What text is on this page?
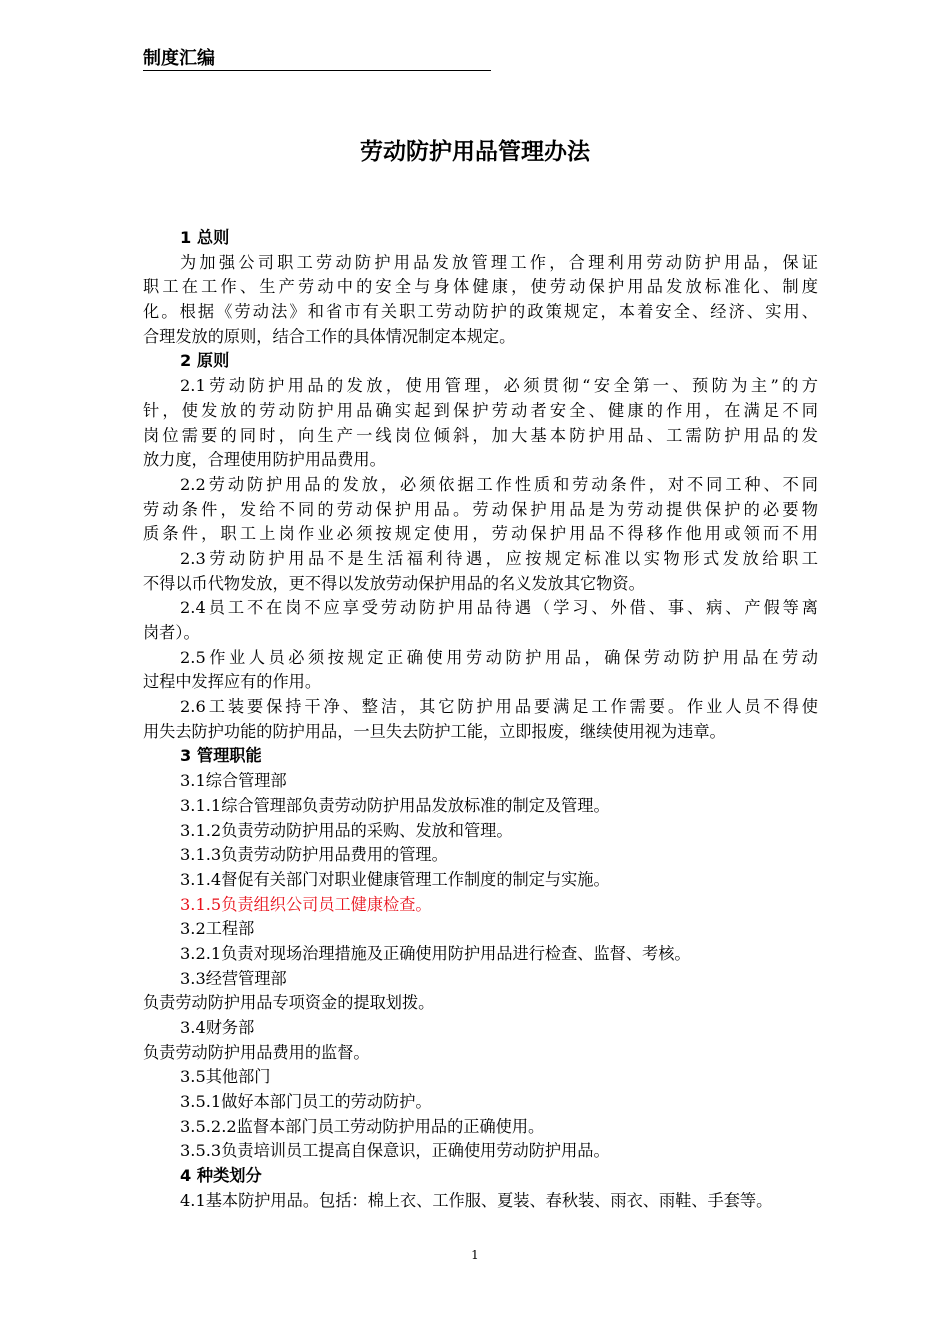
制度汇编
劳动防护用品管理办法
1 总则
为加强公司职工劳动防护用品发放管理工作，合理利用劳动防护用品，保证
职工在工作、生产劳动中的安全与身体健康，使劳动保护用品发放标准化、制度
化。根据《劳动法》和省市有关职工劳动防护的政策规定，本着安全、经济、实用、
合理发放的原则，结合工作的具体情况制定本规定。
2 原则
2.1劳动防护用品的发放，使用管理，必须贯彻“安全第一、预防为主”的方
针，使发放的劳动防护用品确实起到保护劳动者安全、健康的作用，在满足不同
岗位需要的同时，向生产一线岗位倾斜，加大基本防护用品、工需防护用品的发
放力度，合理使用防护用品费用。
2.2劳动防护用品的发放，必须依据工作性质和劳动条件，对不同工种、不同
劳动条件，发给不同的劳动保护用品。劳动保护用品是为劳动提供保护的必要物
质条件，职工上岗作业必须按规定使用，劳动保护用品不得移作他用或领而不用
2.3劳动防护用品不是生活福利待遇，应按规定标准以实物形式发放给职工
不得以币代物发放，更不得以发放劳动保护用品的名义发放其它物资。
2.4员工不在岗不应享受劳动防护用品待遇（学习、外借、事、病、产假等离
岗者）。
2.5作业人员必须按规定正确使用劳动防护用品，确保劳动防护用品在劳动
过程中发挥应有的作用。
2.6工装要保持干净、整洁，其它防护用品要满足工作需要。作业人员不得使
用失去防护功能的防护用品，一旦失去防护工能，立即报废，继续使用视为违章。
3 管理职能
3.1综合管理部
3.1.1综合管理部负责劳动防护用品发放标准的制定及管理。
3.1.2负责劳动防护用品的采购、发放和管理。
3.1.3负责劳动防护用品费用的管理。
3.1.4督促有关部门对职业健康管理工作制度的制定与实施。
3.1.5负责组织公司员工健康检查。
3.2工程部
3.2.1负责对现场治理措施及正确使用防护用品进行检查、监督、考核。
3.3经营管理部
负责劳动防护用品专项资金的提取划拨。
3.4财务部
负责劳动防护用品费用的监督。
3.5其他部门
3.5.1做好本部门员工的劳动防护。
3.5.2.2监督本部门员工劳动防护用品的正确使用。
3.5.3负责培训员工提高自保意识，正确使用劳动防护用品。
4 种类划分
4.1基本防护用品。包括：棉上衣、工作服、夏装、春秋装、雨衣、雨鞋、手套等。
1
